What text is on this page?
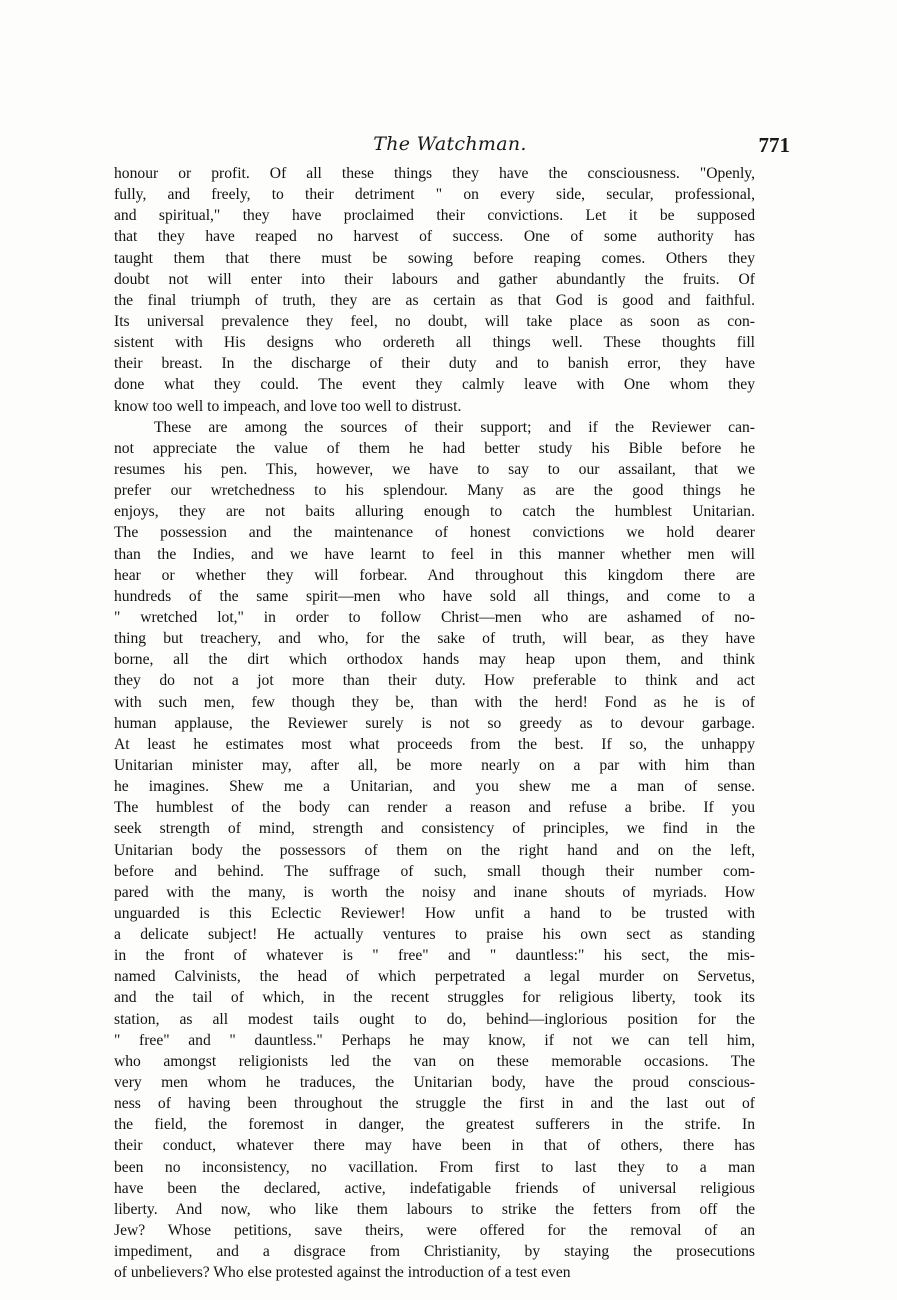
The Watchman.	771
honour or profit. Of all these things they have the consciousness. "Openly,
fully, and freely, to their detriment " on every side, secular, professional,
and spiritual," they have proclaimed their convictions. Let it be supposed
that they have reaped no harvest of success. One of some authority has
taught them that there must be sowing before reaping comes. Others they
doubt not will enter into their labours and gather abundantly the fruits. Of
the final triumph of truth, they are as certain as that God is good and faithful.
Its universal prevalence they feel, no doubt, will take place as soon as con-
sistent with His designs who ordereth all things well. These thoughts fill
their breast. In the discharge of their duty and to banish error, they have
done what they could. The event they calmly leave with One whom they
know too well to impeach, and love too well to distrust.
These are among the sources of their support; and if the Reviewer can-
not appreciate the value of them he had better study his Bible before he
resumes his pen. This, however, we have to say to our assailant, that we
prefer our wretchedness to his splendour. Many as are the good things he
enjoys, they are not baits alluring enough to catch the humblest Unitarian.
The possession and the maintenance of honest convictions we hold dearer
than the Indies, and we have learnt to feel in this manner whether men will
hear or whether they will forbear. And throughout this kingdom there are
hundreds of the same spirit—men who have sold all things, and come to a
" wretched lot," in order to follow Christ—men who are ashamed of no-
thing but treachery, and who, for the sake of truth, will bear, as they have
borne, all the dirt which orthodox hands may heap upon them, and think
they do not a jot more than their duty. How preferable to think and act
with such men, few though they be, than with the herd! Fond as he is of
human applause, the Reviewer surely is not so greedy as to devour garbage.
At least he estimates most what proceeds from the best. If so, the unhappy
Unitarian minister may, after all, be more nearly on a par with him than
he imagines. Shew me a Unitarian, and you shew me a man of sense.
The humblest of the body can render a reason and refuse a bribe. If you
seek strength of mind, strength and consistency of principles, we find in the
Unitarian body the possessors of them on the right hand and on the left,
before and behind. The suffrage of such, small though their number com-
pared with the many, is worth the noisy and inane shouts of myriads. How
unguarded is this Eclectic Reviewer! How unfit a hand to be trusted with
a delicate subject! He actually ventures to praise his own sect as standing
in the front of whatever is " free" and " dauntless:" his sect, the mis-
named Calvinists, the head of which perpetrated a legal murder on Servetus,
and the tail of which, in the recent struggles for religious liberty, took its
station, as all modest tails ought to do, behind—inglorious position for the
" free" and " dauntless." Perhaps he may know, if not we can tell him,
who amongst religionists led the van on these memorable occasions. The
very men whom he traduces, the Unitarian body, have the proud conscious-
ness of having been throughout the struggle the first in and the last out of
the field, the foremost in danger, the greatest sufferers in the strife. In
their conduct, whatever there may have been in that of others, there has
been no inconsistency, no vacillation. From first to last they to a man
have been the declared, active, indefatigable friends of universal religious
liberty. And now, who like them labours to strike the fetters from off the
Jew? Whose petitions, save theirs, were offered for the removal of an
impediment, and a disgrace from Christianity, by staying the prosecutions
of unbelievers? Who else protested against the introduction of a test even
